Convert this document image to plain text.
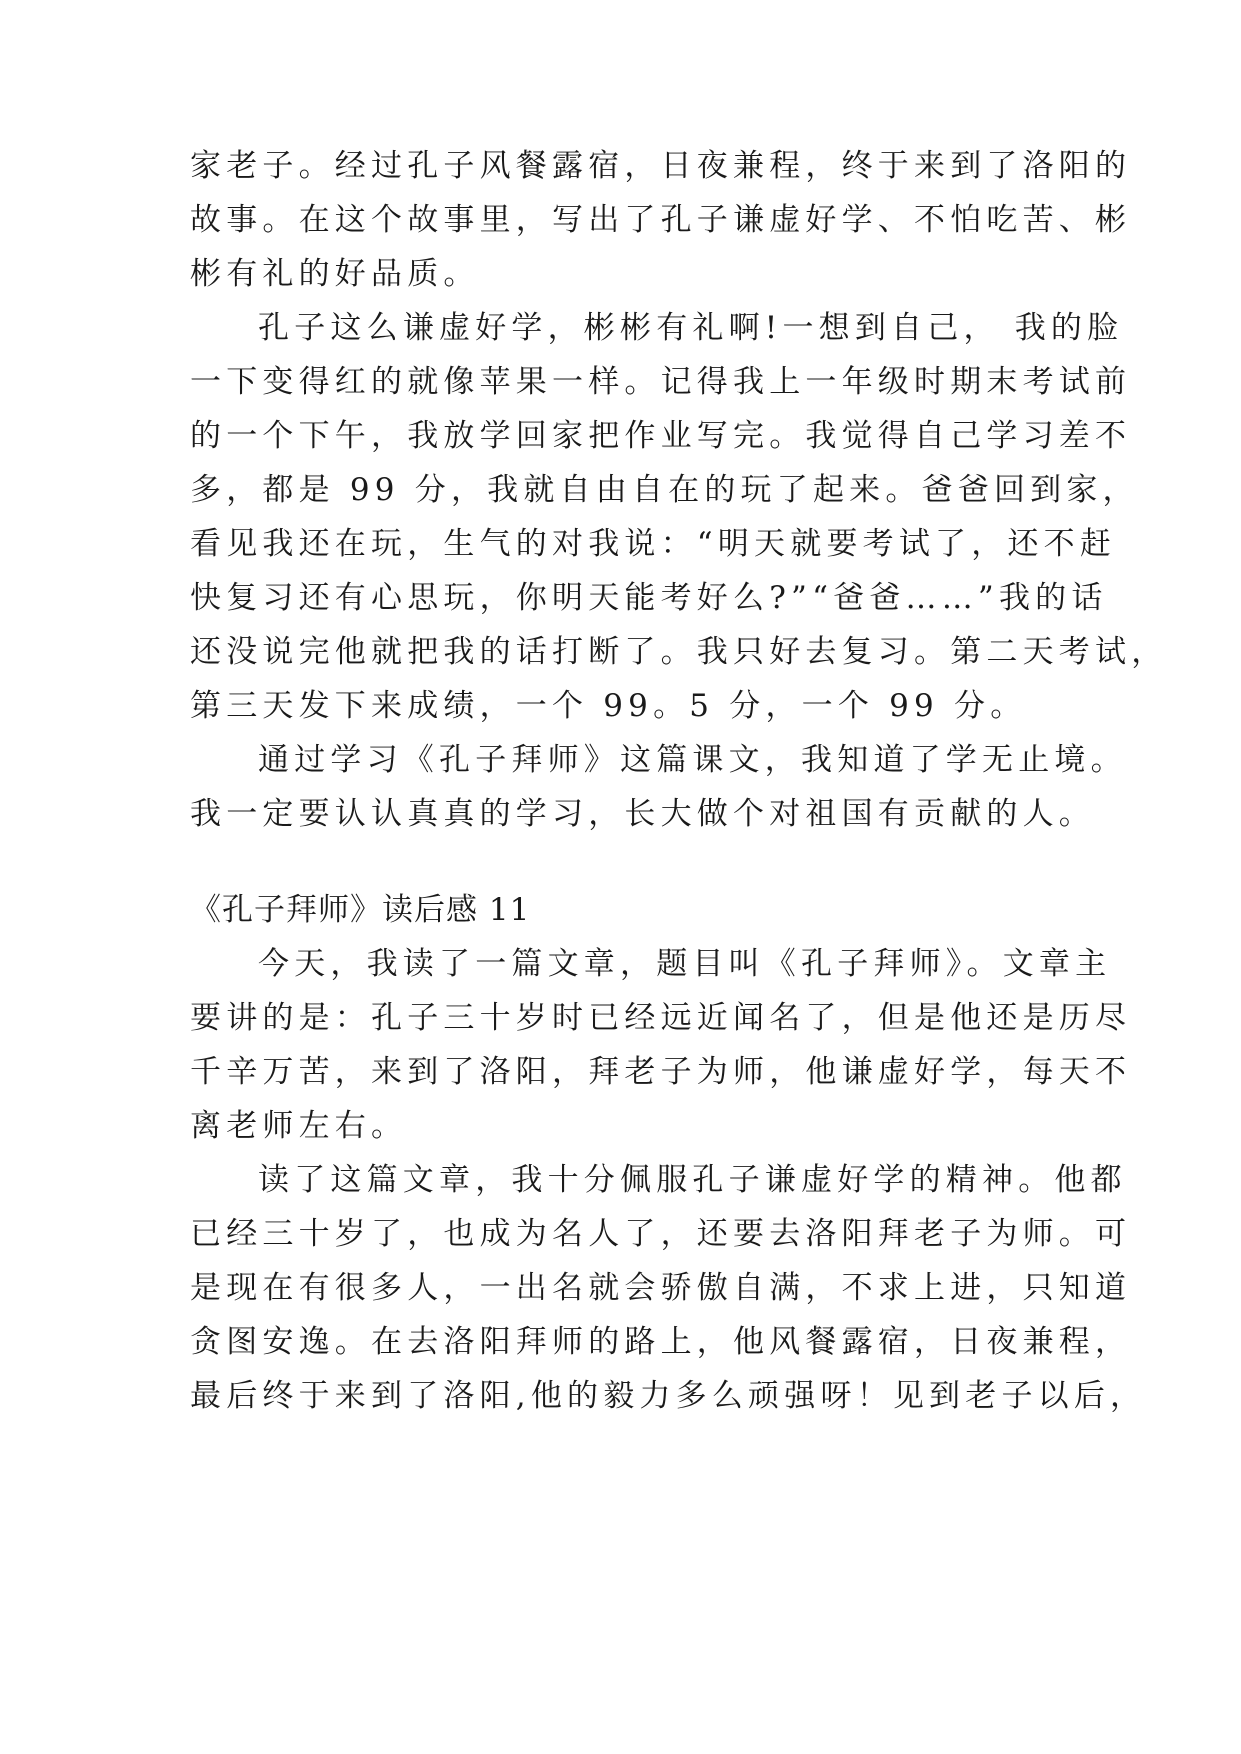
家老子。经过孔子风餐露宿，日夜兼程，终于来到了洛阳的
故事。在这个故事里，写出了孔子谦虚好学、不怕吃苦、彬
彬有礼的好品质。
孔子这么谦虚好学，彬彬有礼啊!一想到自己， 我的脸
一下变得红的就像苹果一样。记得我上一年级时期末考试前
的一个下午，我放学回家把作业写完。我觉得自己学习差不
多，都是 99 分，我就自由自在的玩了起来。爸爸回到家，
看见我还在玩，生气的对我说：“明天就要考试了，还不赶
快复习还有心思玩，你明天能考好么?”“爸爸……”我的话
还没说完他就把我的话打断了。我只好去复习。第二天考试，
第三天发下来成绩，一个 99。5 分，一个 99 分。
通过学习《孔子拜师》这篇课文，我知道了学无止境。
我一定要认认真真的学习，长大做个对祖国有贡献的人。
《孔子拜师》读后感 11
今天，我读了一篇文章，题目叫《孔子拜师》。文章主
要讲的是：孔子三十岁时已经远近闻名了，但是他还是历尽
千辛万苦，来到了洛阳，拜老子为师，他谦虚好学，每天不
离老师左右。
读了这篇文章，我十分佩服孔子谦虚好学的精神。他都
已经三十岁了，也成为名人了，还要去洛阳拜老子为师。可
是现在有很多人，一出名就会骄傲自满，不求上进，只知道
贪图安逸。在去洛阳拜师的路上，他风餐露宿，日夜兼程，
最后终于来到了洛阳,他的毅力多么顽强呀！见到老子以后，
